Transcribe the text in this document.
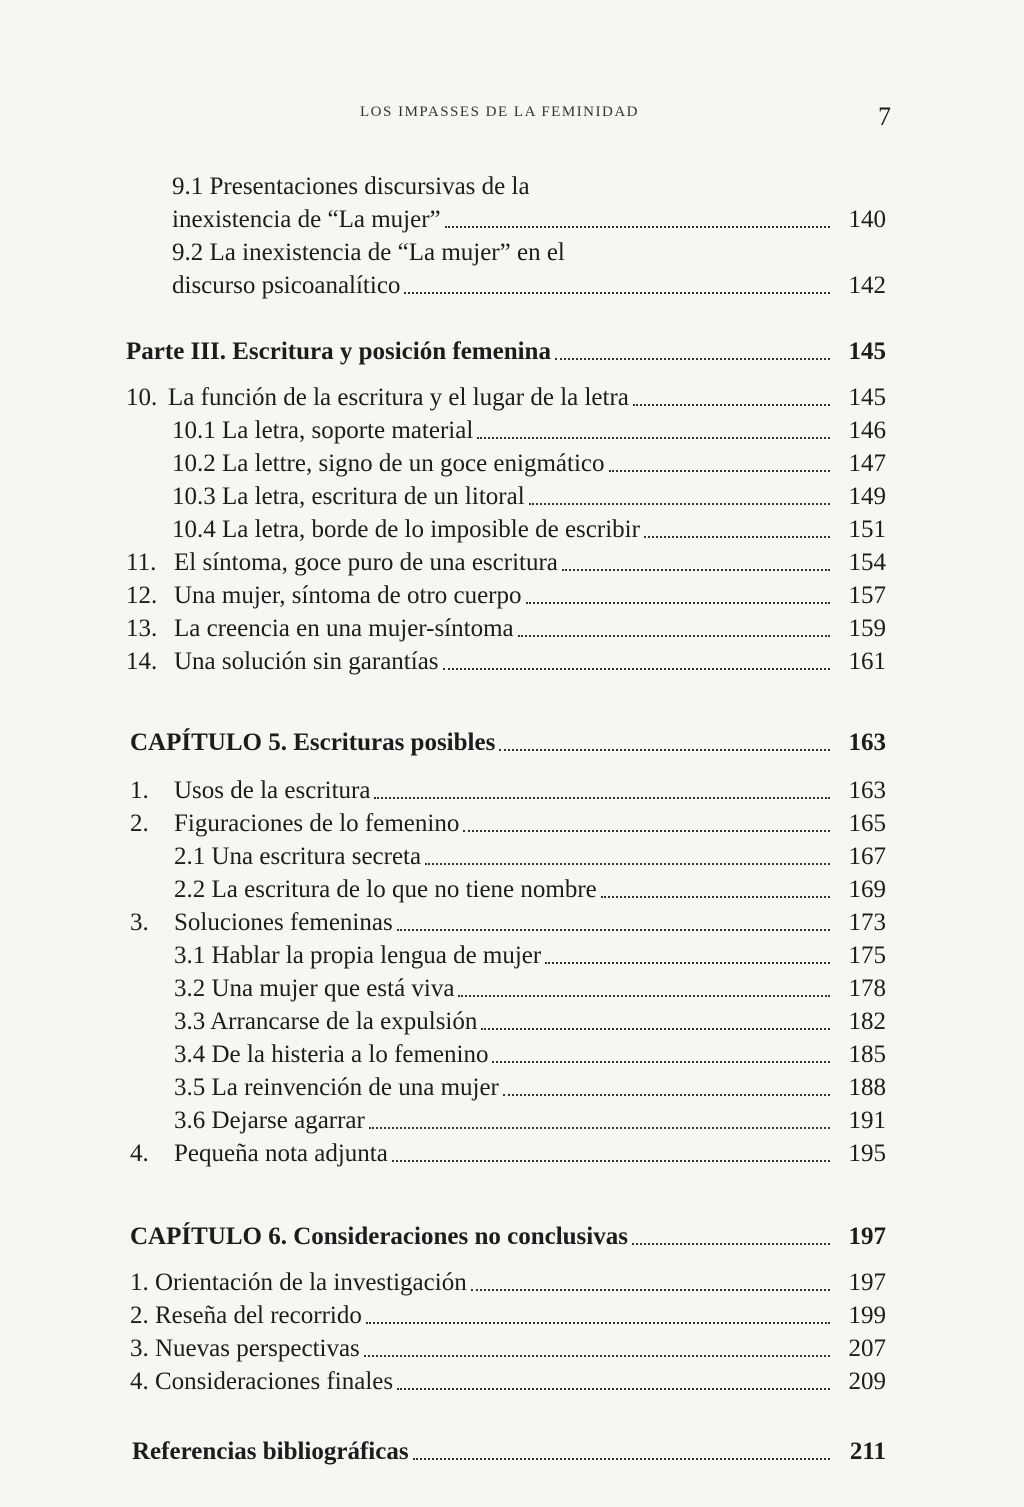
LOS IMPASSES DE LA FEMINIDAD	7
9.1 Presentaciones discursivas de la
inexistencia de “La mujer”	140
9.2 La inexistencia de “La mujer” en el
discurso psicoanalítico	142
Parte III. Escritura y posición femenina	145
10. La función de la escritura y el lugar de la letra	145
10.1 La letra, soporte material	146
10.2 La lettre, signo de un goce enigmático	147
10.3 La letra, escritura de un litoral	149
10.4 La letra, borde de lo imposible de escribir	151
11. El síntoma, goce puro de una escritura	154
12. Una mujer, síntoma de otro cuerpo	157
13. La creencia en una mujer-síntoma	159
14. Una solución sin garantías	161
CAPÍTULO 5. Escrituras posibles	163
1.	Usos de la escritura	163
2.	Figuraciones de lo femenino	165
2.1 Una escritura secreta	167
2.2 La escritura de lo que no tiene nombre	169
3.	Soluciones femeninas	173
3.1 Hablar la propia lengua de mujer	175
3.2 Una mujer que está viva	178
3.3 Arrancarse de la expulsión	182
3.4 De la histeria a lo femenino	185
3.5 La reinvención de una mujer	188
3.6 Dejarse agarrar	191
4.	Pequeña nota adjunta	195
CAPÍTULO 6. Consideraciones no conclusivas	197
1. Orientación de la investigación	197
2. Reseña del recorrido	199
3. Nuevas perspectivas	207
4. Consideraciones finales	209
Referencias bibliográficas	211
